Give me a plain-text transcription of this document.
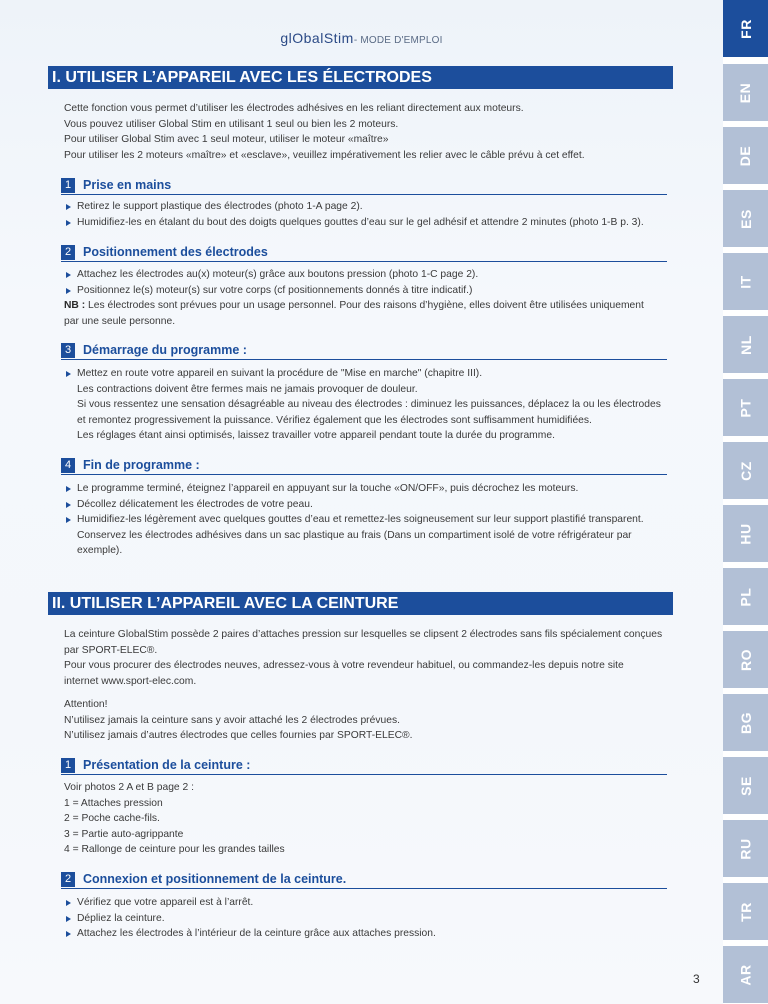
glObalStim- MODE D'EMPLOI
I. UTILISER L’APPAREIL AVEC LES ÉLECTRODES

Cette fonction vous permet d’utiliser les électrodes adhésives en les reliant directement aux moteurs.

Vous pouvez utiliser Global Stim en utilisant 1 seul ou bien les 2 moteurs.

Pour utiliser Global Stim avec 1 seul moteur, utiliser le moteur «maître»

Pour utiliser les 2 moteurs «maître» et «esclave», veuillez impérativement les relier avec le câble prévu à cet effet.

1 Prise en mains
Retirez le support plastique des électrodes (photo 1-A page 2).
Humidifiez-les en étalant du bout des doigts quelques gouttes d’eau sur le gel adhésif et attendre 2 minutes (photo 1-B p. 3).
2 Positionnement des électrodes
Attachez les électrodes au(x) moteur(s) grâce aux boutons pression (photo 1-C page 2).
Positionnez le(s) moteur(s) sur votre corps (cf positionnements donnés à titre indicatif.)
NB : Les électrodes sont prévues pour un usage personnel. Pour des raisons d’hygiène, elles doivent être utilisées uniquement
par une seule personne.
3 Démarrage du programme :
Mettez en route votre appareil en suivant la procédure de "Mise en marche" (chapitre III).
Les contractions doivent être fermes mais ne jamais provoquer de douleur.
Si vous ressentez une sensation désagréable au niveau des électrodes : diminuez les puissances, déplacez la ou les électrodes
et remontez progressivement la puissance. Vérifiez également que les électrodes sont suffisamment humidifiées.
Les réglages étant ainsi optimisés, laissez travailler votre appareil pendant toute la durée du programme.
4 Fin de programme :
Le programme terminé, éteignez l’appareil en appuyant sur la touche «ON/OFF», puis décrochez les moteurs.
Décollez délicatement les électrodes de votre peau.
Humidifiez-les légèrement avec quelques gouttes d’eau et remettez-les soigneusement sur leur support plastifié transparent.
Conservez les électrodes adhésives dans un sac plastique au frais (Dans un compartiment isolé de votre réfrigérateur par
exemple).
II. UTILISER L’APPAREIL AVEC LA CEINTURE

La ceinture GlobalStim possède 2 paires d’attaches pression sur lesquelles se clipsent 2 électrodes sans fils spécialement conçues

par SPORT-ELEC®.

Pour vous procurer des électrodes neuves, adressez-vous à votre revendeur habituel, ou commandez-les depuis notre site

internet www.sport-elec.com.

Attention!

N’utilisez jamais la ceinture sans y avoir attaché les 2 électrodes prévues.

N’utilisez jamais d’autres électrodes que celles fournies par SPORT-ELEC®.

1 Présentation de la ceinture :

Voir photos 2 A et B page 2 :

1 = Attaches pression

2 = Poche cache-fils.

3 = Partie auto-agrippante

4 = Rallonge de ceinture pour les grandes tailles

2 Connexion et positionnement de la ceinture.
Vérifiez que votre appareil est à l’arrêt.
Dépliez la ceinture.
Attachez les électrodes à l’intérieur de la ceinture grâce aux attaches pression.
3
FR
EN
DE
ES
IT
NL
PT
CZ
HU
PL
RO
BG
SE
RU
TR
AR
